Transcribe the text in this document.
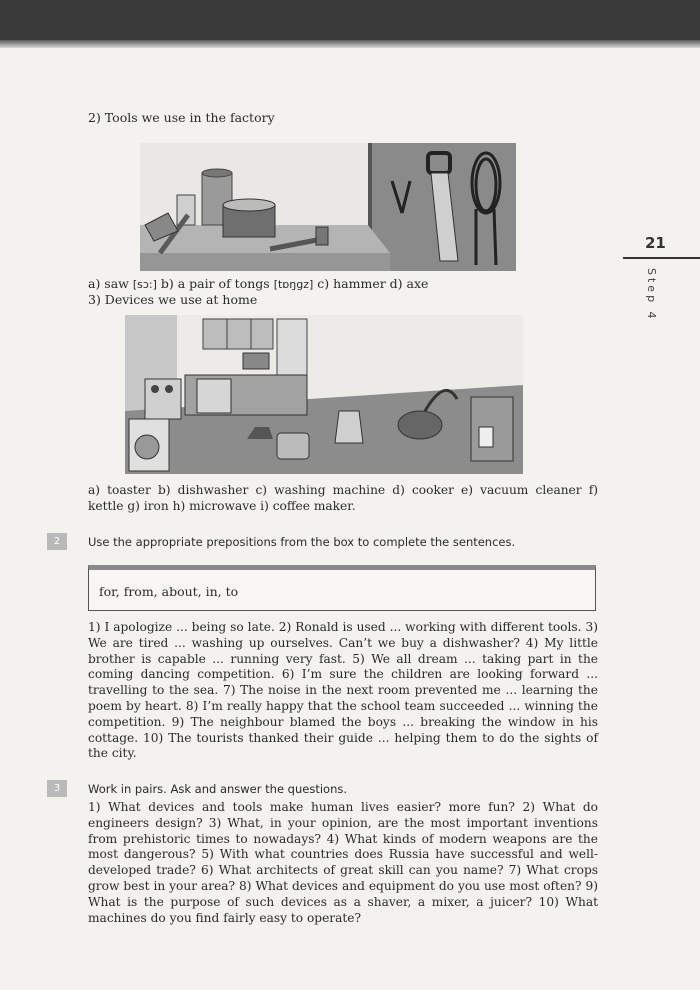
21
Step 4
2) Tools we use in the factory
a) saw [sɔ:] b) a pair of tongs [tɒŋgz] c) hammer d) axe
3) Devices we use at home
a) toaster b) dishwasher c) washing machine d) cooker e) vacuum cleaner f) kettle g) iron h) microwave i) coffee maker.
2	Use the appropriate prepositions from the box to complete the sentences.
for, from, about, in, to
1) I apologize ... being so late. 2) Ronald is used ... working with different tools. 3) We are tired ... washing up ourselves. Can’t we buy a dishwasher? 4) My little brother is capable ... running very fast. 5) We all dream ... taking part in the coming dancing competition. 6) I’m sure the children are looking forward ... travelling to the sea. 7) The noise in the next room prevented me ... learning the poem by heart. 8) I’m really happy that the school team succeeded ... winning the competition. 9) The neighbour blamed the boys ... breaking the window in his cottage. 10) The tourists thanked their guide ... helping them to do the sights of the city.
3	Work in pairs. Ask and answer the questions.
1) What devices and tools make human lives easier? more fun? 2) What do engineers design? 3) What, in your opinion, are the most important inventions from prehistoric times to nowadays? 4) What kinds of modern weapons are the most dangerous? 5) With what countries does Russia have successful and well-developed trade? 6) What architects of great skill can you name? 7) What crops grow best in your area? 8) What devices and equipment do you use most often? 9) What is the purpose of such devices as a shaver, a mixer, a juicer? 10) What machines do you find fairly easy to operate?
